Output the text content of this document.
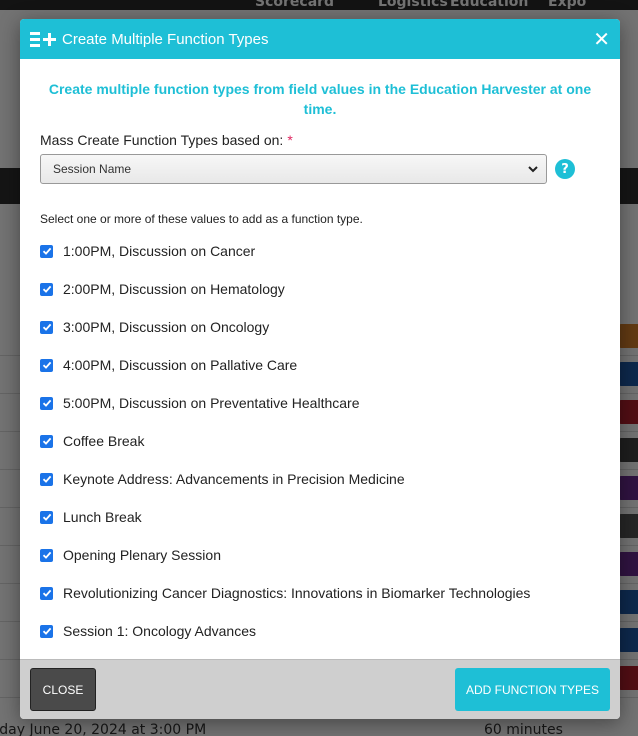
Create Multiple Function Types	✕

Create multiple function types from field values in the Education Harvester at one time.

Mass Create Function Types based on: *
Session Name	?

Select one or more of these values to add as a function type.

1:00PM, Discussion on Cancer
2:00PM, Discussion on Hematology
3:00PM, Discussion on Oncology
4:00PM, Discussion on Pallative Care
5:00PM, Discussion on Preventative Healthcare
Coffee Break
Keynote Address: Advancements in Precision Medicine
Lunch Break
Opening Plenary Session
Revolutionizing Cancer Diagnostics: Innovations in Biomarker Technologies
Session 1: Oncology Advances
CLOSE	ADD FUNCTION TYPES
